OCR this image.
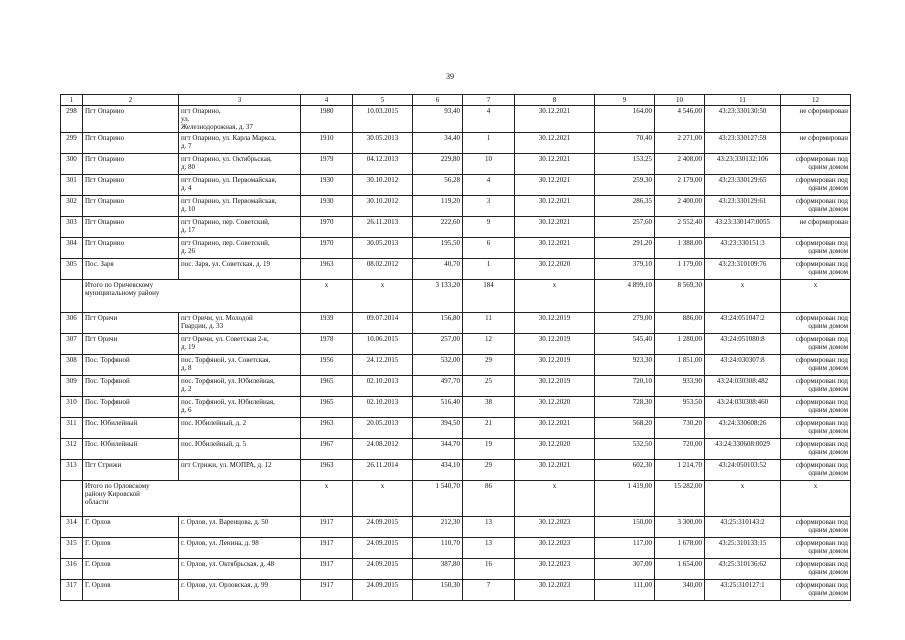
39
1	2	3	4	5	6	7	8	9	10	11	12
298	Пгт Опарино	пгт Опарино,
ул.
Железнодорожная, д. 37	1980	10.03.2015	93,40	4	30.12.2021	164,00	4 546,00	43:23:330130:50	не сформирован
299	Пгт Опарино	пгт Опарино, ул. Карла Маркса,
д. 7	1910	30.05.2013	34,40	1	30.12.2021	70,40	2 271,00	43:23:330127:59	не сформирован
300	Пгт Опарино	пгт Опарино, ул. Октябрьская,
д. 80	1979	04.12.2013	229,80	10	30.12.2021	153,25	2 408,00	43:23:330132:106	сформирован под
одним домом
301	Пгт Опарино	пгт Опарино, ул. Первомайская,
д. 4	1930	30.10.2012	56,28	4	30.12.2021	259,30	2 179,00	43:23:330129:65	сформирован под
одним домом
302	Пгт Опарино	пгт Опарино, ул. Первомайская,
д. 10	1930	30.10.2012	119,20	3	30.12.2021	286,35	2 400,00	43:23:330129:61	сформирован под
одним домом
303	Пгт Опарино	пгт Опарино, пер. Советский,
д. 17	1970	26.11.2013	222,60	9	30.12.2021	257,60	2 552,40	43:23:330147:0055	не сформирован
304	Пгт Опарино	пгт Опарино, пер. Советский,
д. 26	1970	30.05.2013	195,50	6	30.12.2021	291,20	1 388,00	43:23:330151:3	сформирован под
одним домом
305	Пос. Заря	пос. Заря, ул. Советская, д. 19	1963	08.02.2012	40,70	1	30.12.2020	379,10	1 179,00	43:23:310109:76	сформирован под
одним домом
	Итого по Оричевскому
муниципальному району		x	x	3 133,20	184	x	4 899,10	8 569,30	x	x
306	Пгт Оричи	пгт Оричи, ул. Молодой
Гвардии, д. 33	1939	09.07.2014	156,80	11	30.12.2019	279,00	886,00	43:24:051047:2	сформирован под
одним домом
307	Пгт Оричи	пгт Оричи, ул. Советская 2-я,
д. 19	1978	10.06.2015	257,00	12	30.12.2019	545,40	1 280,00	43:24:051080:8	сформирован под
одним домом
308	Пос. Торфяной	пос. Торфяной, ул. Советская,
д. 8	1956	24.12.2015	532,00	29	30.12.2019	923,30	1 851,00	43:24:030307:8	сформирован под
одним домом
309	Пос. Торфяной	пос. Торфяной, ул. Юбилейная,
д. 2	1965	02.10.2013	497,70	25	30.12.2019	720,10	933,90	43:24:030308:482	сформирован под
одним домом
310	Пос. Торфяной	пос. Торфяной, ул. Юбилейная,
д. 6	1965	02.10.2013	516,40	38	30.12.2020	728,30	953,50	43:24:030308:460	сформирован под
одним домом
311	Пос. Юбилейный	пос. Юбилейный, д. 2	1963	20.05.2013	394,50	21	30.12.2021	568,20	730,20	43:24:330608:26	сформирован под
одним домом
312	Пос. Юбилейный	пос. Юбилейный, д. 5	1967	24.08.2012	344,70	19	30.12.2020	532,50	720,00	43:24:330608:0029	сформирован под
одним домом
313	Пгт Стрижи	пгт Стрижи, ул. МОПРА, д. 12	1963	26.11.2014	434,10	29	30.12.2021	602,30	1 214,70	43:24:050103:52	сформирован под
одним домом
	Итого по Орловскому
району Кировской
области		x	x	1 540,70	86	x	1 419,00	15 282,00	x	x
314	Г. Орлов	г. Орлов, ул. Варенцова, д. 50	1917	24.09.2015	212,30	13	30.12.2023	150,00	3 300,00	43:25:310143:2	сформирован под
одним домом
315	Г. Орлов	г. Орлов, ул. Ленина, д. 98	1917	24.09.2015	110,70	13	30.12.2023	117,00	1 678,00	43:25:310133:15	сформирован под
одним домом
316	Г. Орлов	г. Орлов, ул. Октябрьская, д. 48	1917	24.09.2015	387,80	16	30.12.2023	307,00	1 654,00	43:25:310136:62	сформирован под
одним домом
317	Г. Орлов	г. Орлов, ул. Орловская, д. 99	1917	24.09.2015	150,30	7	30.12.2023	111,00	340,00	43:25:310127:1	сформирован под
одним домом
